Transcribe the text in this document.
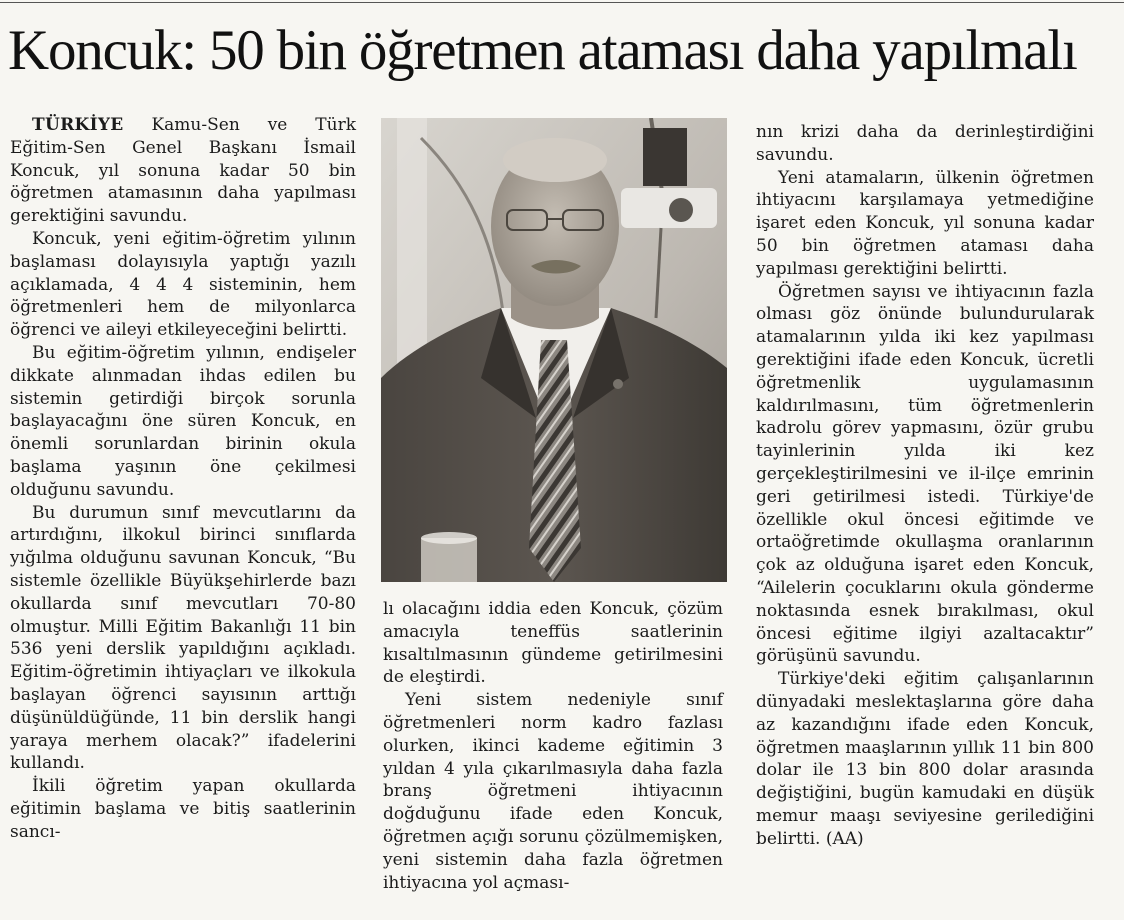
Koncuk: 50 bin öğretmen ataması daha yapılmalı

TÜRKİYE Kamu-Sen ve Türk Eğitim-Sen Genel Başkanı İsmail Koncuk, yıl sonuna kadar 50 bin öğretmen atamasının daha yapılması gerektiğini savundu.

Koncuk, yeni eğitim-öğretim yılının başlaması dolayısıyla yaptığı yazılı açıklamada, 4 4 4 sisteminin, hem öğretmenleri hem de milyonlarca öğrenci ve aileyi etkileyeceğini belirtti.

Bu eğitim-öğretim yılının, endişeler dikkate alınmadan ihdas edilen bu sistemin getirdiği birçok sorunla başlayacağını öne süren Koncuk, en önemli sorunlardan birinin okula başlama yaşının öne çekilmesi olduğunu savundu.

Bu durumun sınıf mevcutlarını da artırdığını, ilkokul birinci sınıflarda yığılma olduğunu savunan Koncuk, “Bu sistemle özellikle Büyükşehirlerde bazı okullarda sınıf mevcutları 70-80 olmuştur. Milli Eğitim Bakanlığı 11 bin 536 yeni derslik yapıldığını açıkladı. Eğitim-öğretimin ihtiyaçları ve ilkokula başlayan öğrenci sayısının arttığı düşünüldüğünde, 11 bin derslik hangi yaraya merhem olacak?” ifadelerini kullandı.

İkili öğretim yapan okullarda eğitimin başlama ve bitiş saatlerinin sancı-

lı olacağını iddia eden Koncuk, çözüm amacıyla teneffüs saatlerinin kısaltılmasının gündeme getirilmesini de eleştirdi.

Yeni sistem nedeniyle sınıf öğretmenleri norm kadro fazlası olurken, ikinci kademe eğitimin 3 yıldan 4 yıla çıkarılmasıyla daha fazla branş öğretmeni ihtiyacının doğduğunu ifade eden Koncuk, öğretmen açığı sorunu çözülmemişken, yeni sistemin daha fazla öğretmen ihtiyacına yol açması-

nın krizi daha da derinleştirdiğini savundu.

Yeni atamaların, ülkenin öğretmen ihtiyacını karşılamaya yetmediğine işaret eden Koncuk, yıl sonuna kadar 50 bin öğretmen ataması daha yapılması gerektiğini belirtti.

Öğretmen sayısı ve ihtiyacının fazla olması göz önünde bulundurularak atamalarının yılda iki kez yapılması gerektiğini ifade eden Koncuk, ücretli öğretmenlik uygulamasının kaldırılmasını, tüm öğretmenlerin kadrolu görev yapmasını, özür grubu tayinlerinin yılda iki kez gerçekleştirilmesini ve il-ilçe emrinin geri getirilmesi istedi. Türkiye'de özellikle okul öncesi eğitimde ve ortaöğretimde okullaşma oranlarının çok az olduğuna işaret eden Koncuk, “Ailelerin çocuklarını okula gönderme noktasında esnek bırakılması, okul öncesi eğitime ilgiyi azaltacaktır” görüşünü savundu.

Türkiye'deki eğitim çalışanlarının dünyadaki meslektaşlarına göre daha az kazandığını ifade eden Koncuk, öğretmen maaşlarının yıllık 11 bin 800 dolar ile 13 bin 800 dolar arasında değiştiğini, bugün kamudaki en düşük memur maaşı seviyesine gerilediğini belirtti. (AA)
